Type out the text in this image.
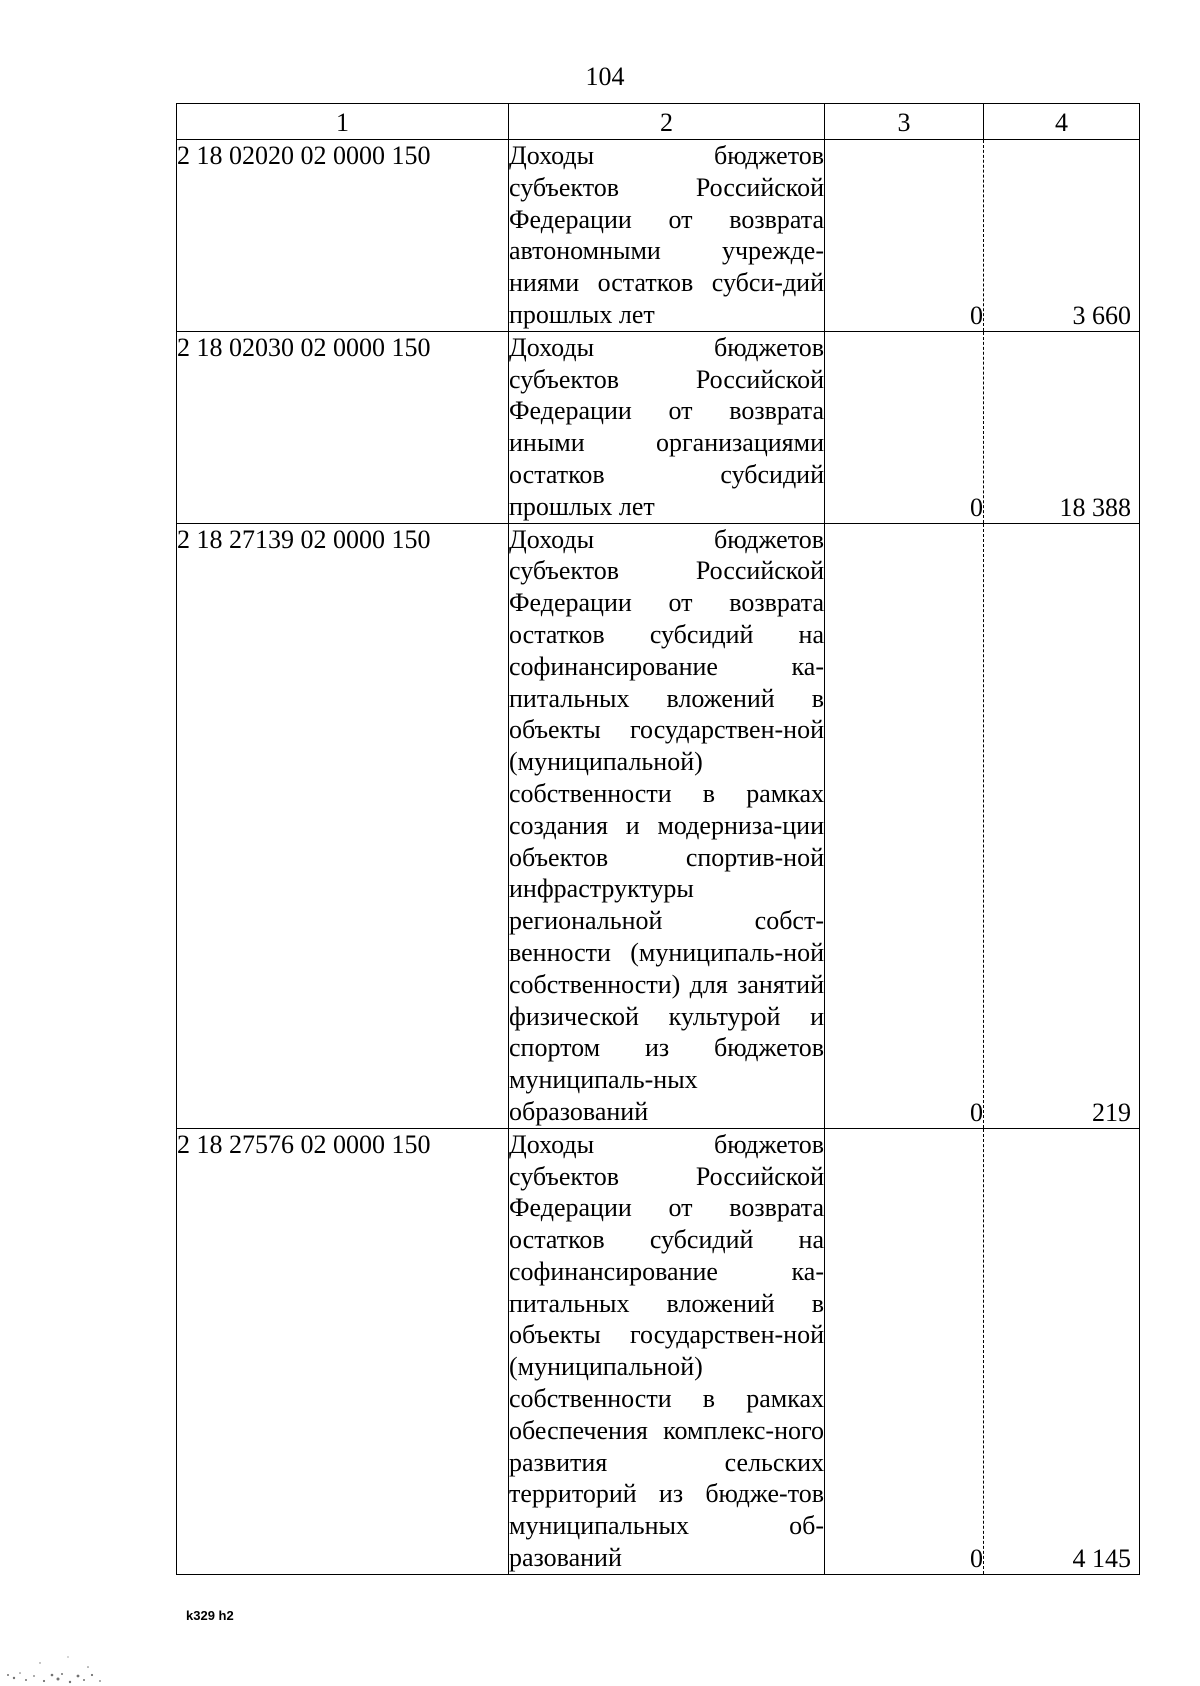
104
1	2	3	4
2 18 02020 02 0000 150	Доходы бюджетов субъектов Российской Федерации от возврата автономными учрежде-ниями остатков субси-дий прошлых лет	0	3 660
2 18 02030 02 0000 150	Доходы бюджетов субъектов Российской Федерации от возврата иными организациями остатков субсидий прошлых лет	0	18 388
2 18 27139 02 0000 150	Доходы бюджетов субъектов Российской Федерации от возврата остатков субсидий на софинансирование ка-питальных вложений в объекты государствен-ной (муниципальной) собственности в рамках создания и модерниза-ции объектов спортив-ной инфраструктуры региональной собст-венности (муниципаль-ной собственности) для занятий физической культурой и спортом из бюджетов муниципаль-ных образований	0	219
2 18 27576 02 0000 150	Доходы бюджетов субъектов Российской Федерации от возврата остатков субсидий на софинансирование ка-питальных вложений в объекты государствен-ной (муниципальной) собственности в рамках обеспечения комплекс-ного развития сельских территорий из бюдже-тов муниципальных об-разований	0	4 145
k329 h2
